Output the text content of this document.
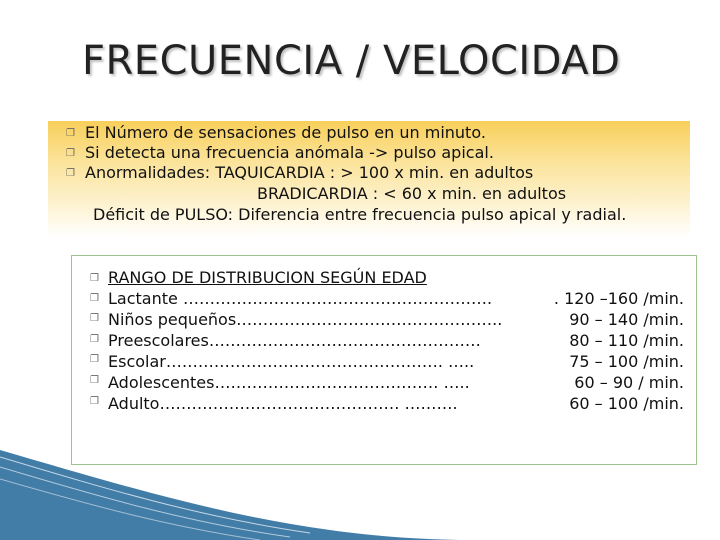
FRECUENCIA / VELOCIDAD
❐
❐
❐
El Número de sensaciones de pulso en un minuto.
Si detecta una frecuencia anómala -> pulso apical.
Anormalidades: TAQUICARDIA : > 100 x min. en adultos
BRADICARDIA : < 60 x min. en adultos
Déficit de PULSO: Diferencia entre frecuencia pulso apical y radial.
❐
❐
❐
❐
❐
❐
❐
RANGO DE DISTRIBUCION SEGÚN EDAD
Lactante ………………………………………………….	. 120 –160 /min.
Niños pequeños…………………………………………..	90 – 140 /min.
Preescolares……………………………………………	80 – 110 /min.
Escolar……………………………………………. …..	75 – 100 /min.
Adolescentes…………………………………… …..	60 – 90 / min.
Adulto……………………………………… ……….	60 – 100 /min.
